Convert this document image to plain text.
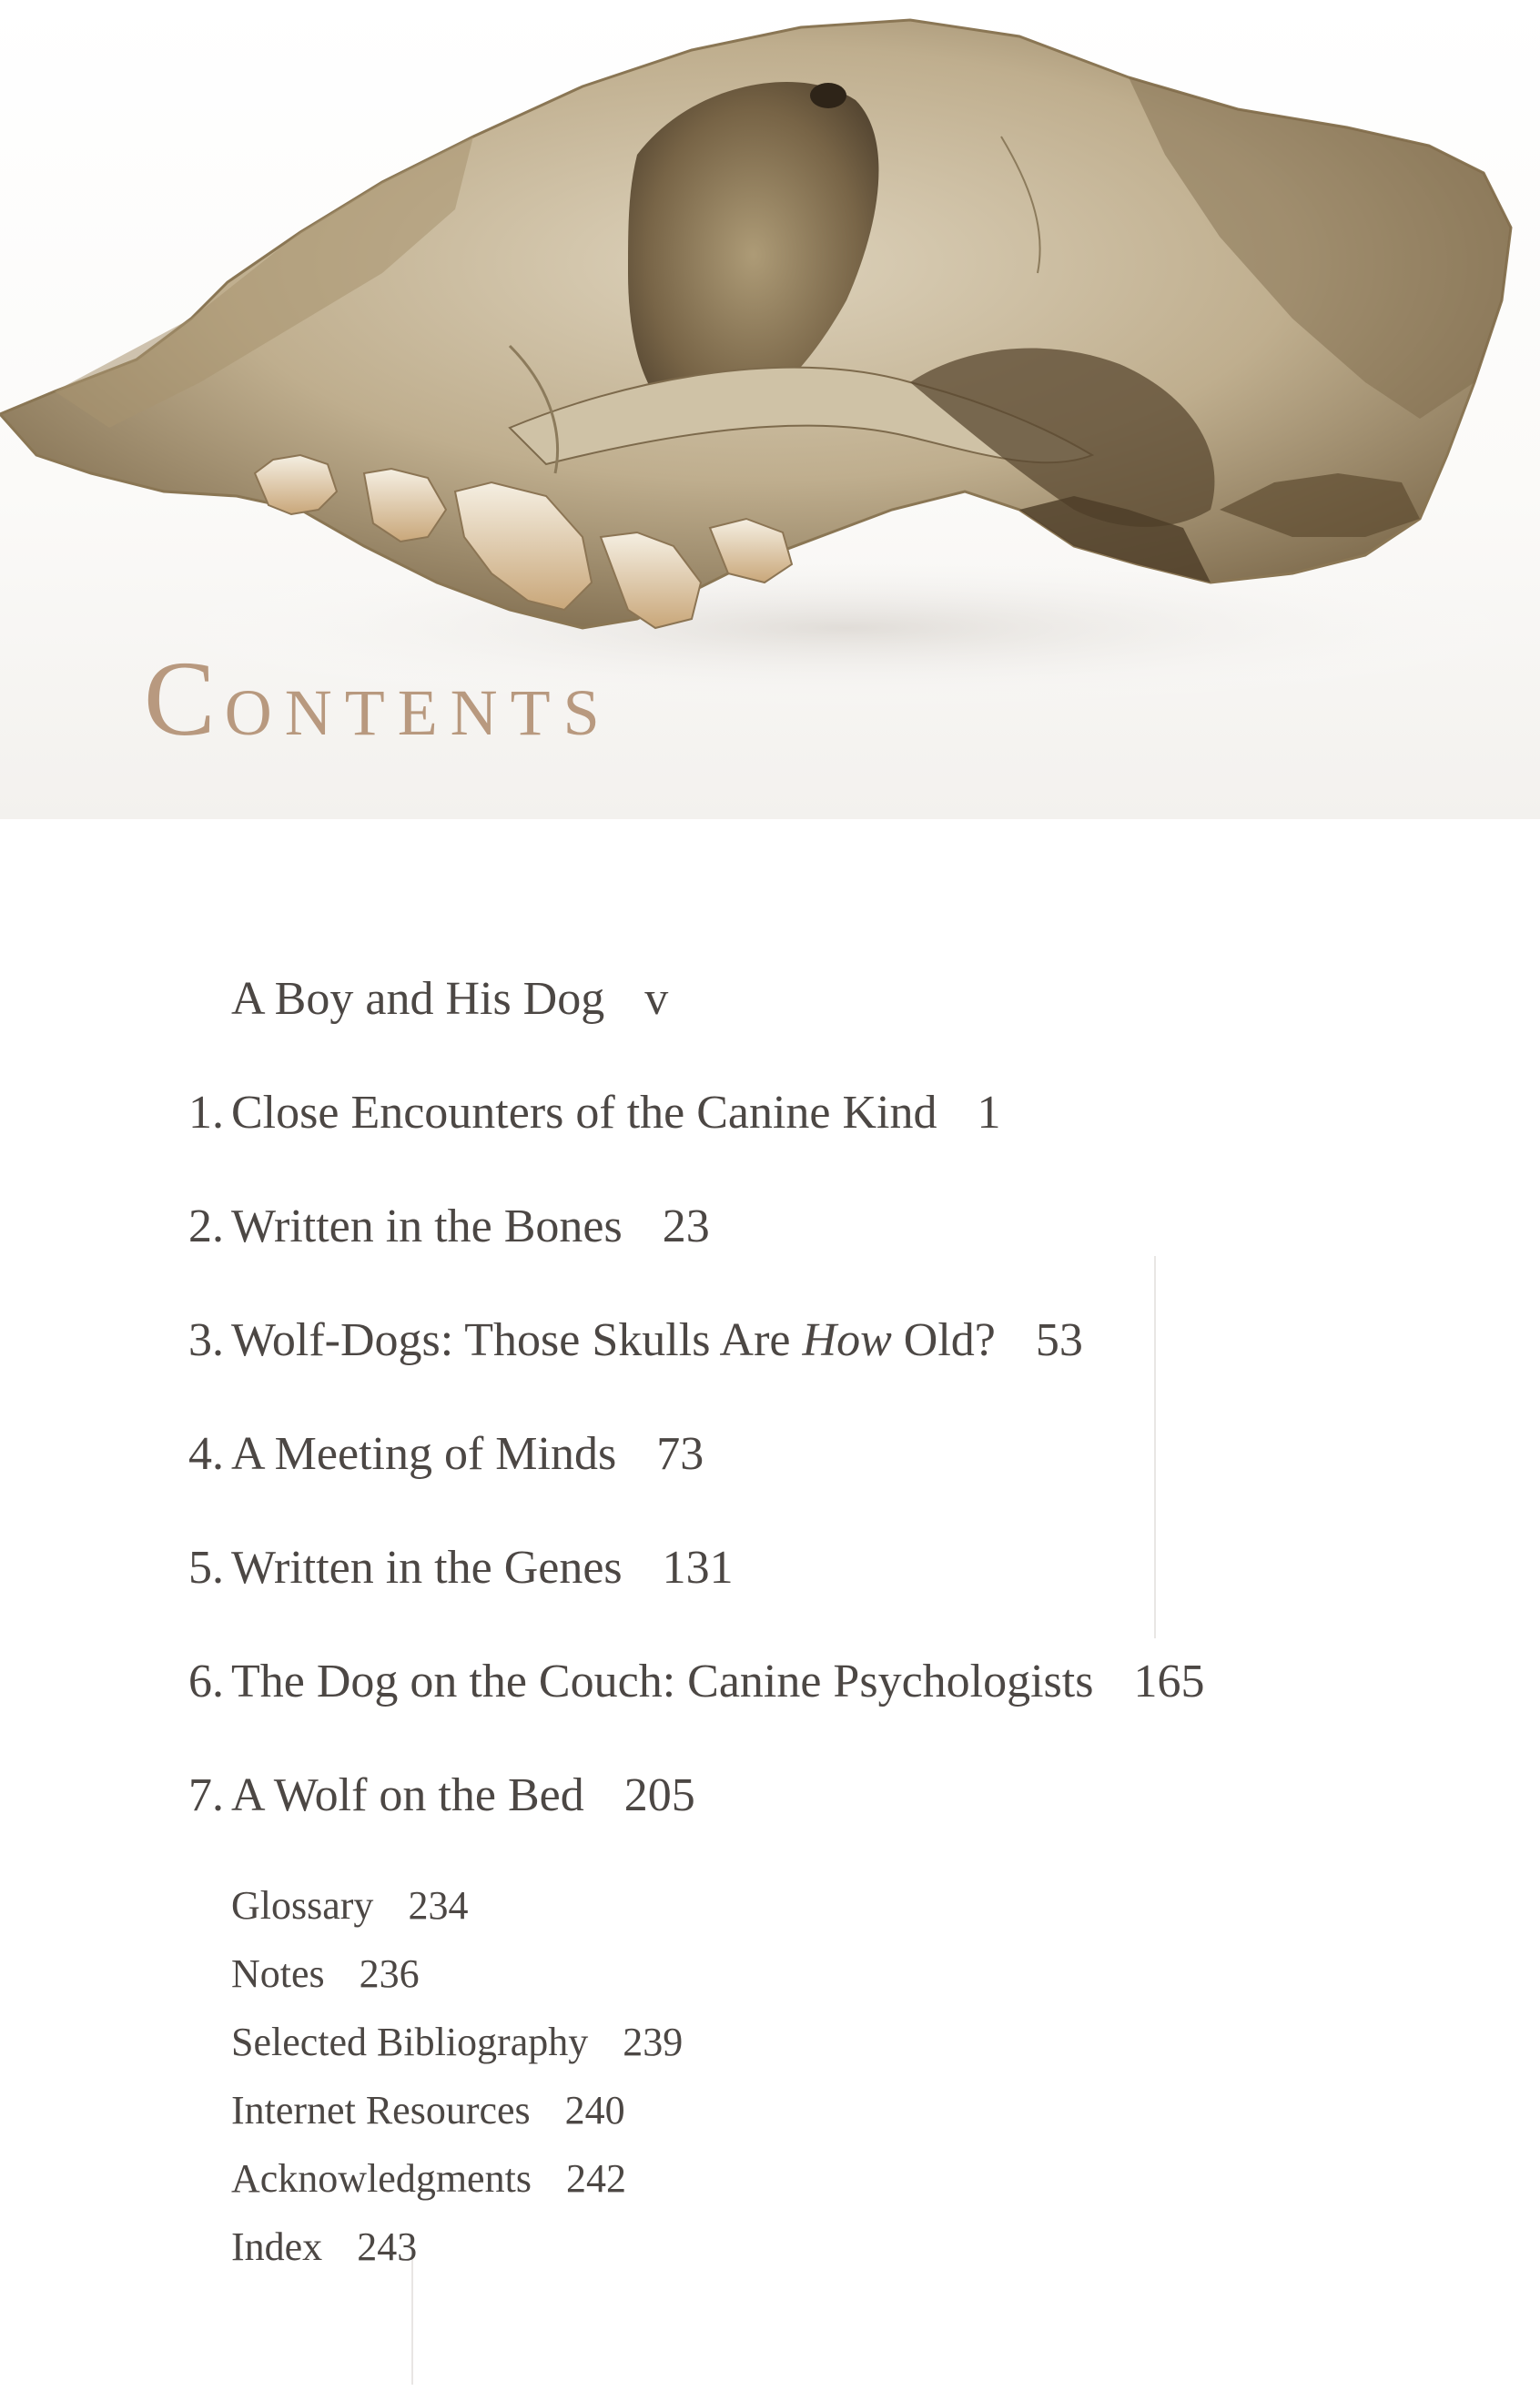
CONTENTS
A Boy and His Dog v
1. Close Encounters of the Canine Kind 1
2. Written in the Bones 23
3. Wolf-Dogs: Those Skulls Are How Old? 53
4. A Meeting of Minds 73
5. Written in the Genes 131
6. The Dog on the Couch: Canine Psychologists 165
7. A Wolf on the Bed 205
Glossary 234
Notes 236
Selected Bibliography 239
Internet Resources 240
Acknowledgments 242
Index 243
